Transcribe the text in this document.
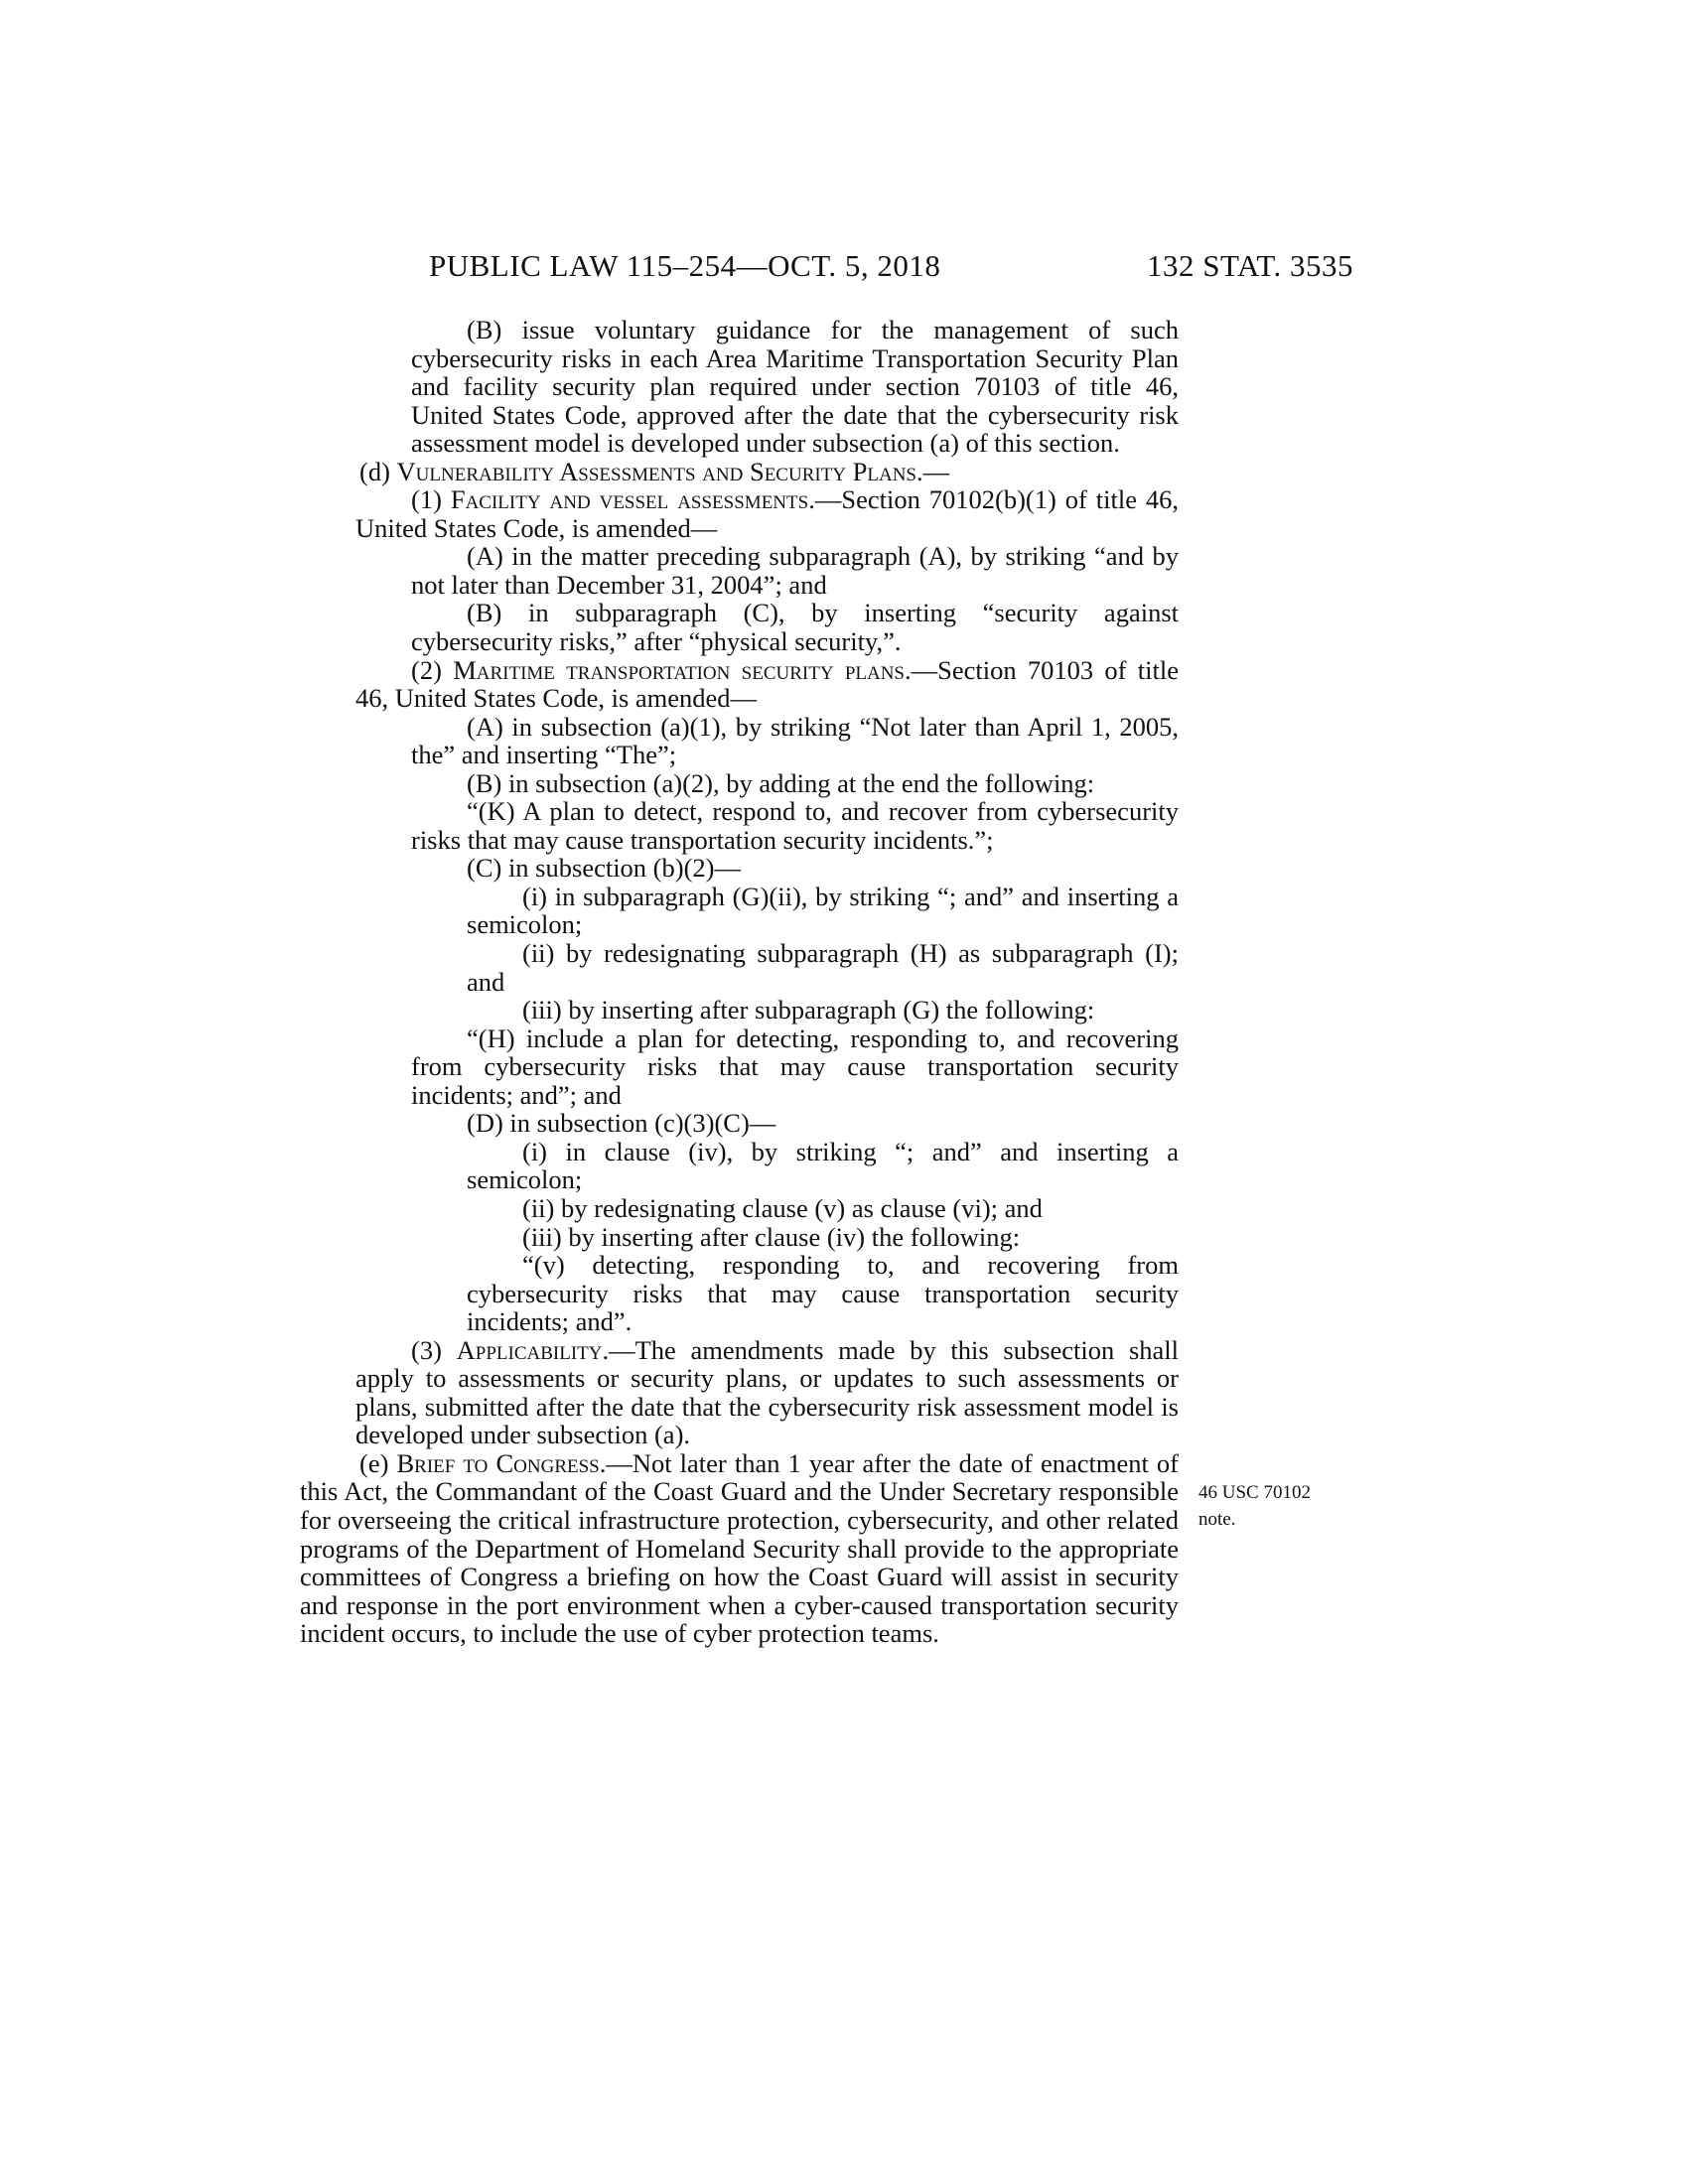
PUBLIC LAW 115–254—OCT. 5, 2018	132 STAT. 3535

(B) issue voluntary guidance for the management of such cybersecurity risks in each Area Maritime Transportation Security Plan and facility security plan required under section 70103 of title 46, United States Code, approved after the date that the cybersecurity risk assessment model is developed under subsection (a) of this section.

(d) Vulnerability Assessments and Security Plans.—

(1) Facility and vessel assessments.—Section 70102(b)(1) of title 46, United States Code, is amended—

(A) in the matter preceding subparagraph (A), by striking “and by not later than December 31, 2004”; and

(B) in subparagraph (C), by inserting “security against cybersecurity risks,” after “physical security,”.

(2) Maritime transportation security plans.—Section 70103 of title 46, United States Code, is amended—

(A) in subsection (a)(1), by striking “Not later than April 1, 2005, the” and inserting “The”;

(B) in subsection (a)(2), by adding at the end the following:

“(K) A plan to detect, respond to, and recover from cybersecurity risks that may cause transportation security incidents.”;

(C) in subsection (b)(2)—

(i) in subparagraph (G)(ii), by striking “; and” and inserting a semicolon;

(ii) by redesignating subparagraph (H) as subparagraph (I); and

(iii) by inserting after subparagraph (G) the following:

“(H) include a plan for detecting, responding to, and recovering from cybersecurity risks that may cause transportation security incidents; and”; and

(D) in subsection (c)(3)(C)—

(i) in clause (iv), by striking “; and” and inserting a semicolon;

(ii) by redesignating clause (v) as clause (vi); and

(iii) by inserting after clause (iv) the following:

“(v) detecting, responding to, and recovering from cybersecurity risks that may cause transportation security incidents; and”.

(3) Applicability.—The amendments made by this subsection shall apply to assessments or security plans, or updates to such assessments or plans, submitted after the date that the cybersecurity risk assessment model is developed under subsection (a).

(e) Brief to Congress.—Not later than 1 year after the date of enactment of this Act, the Commandant of the Coast Guard and the Under Secretary responsible for overseeing the critical infrastructure protection, cybersecurity, and other related programs of the Department of Homeland Security shall provide to the appropriate committees of Congress a briefing on how the Coast Guard will assist in security and response in the port environment when a cyber-caused transportation security incident occurs, to include the use of cyber protection teams.

46 USC 70102
note.
